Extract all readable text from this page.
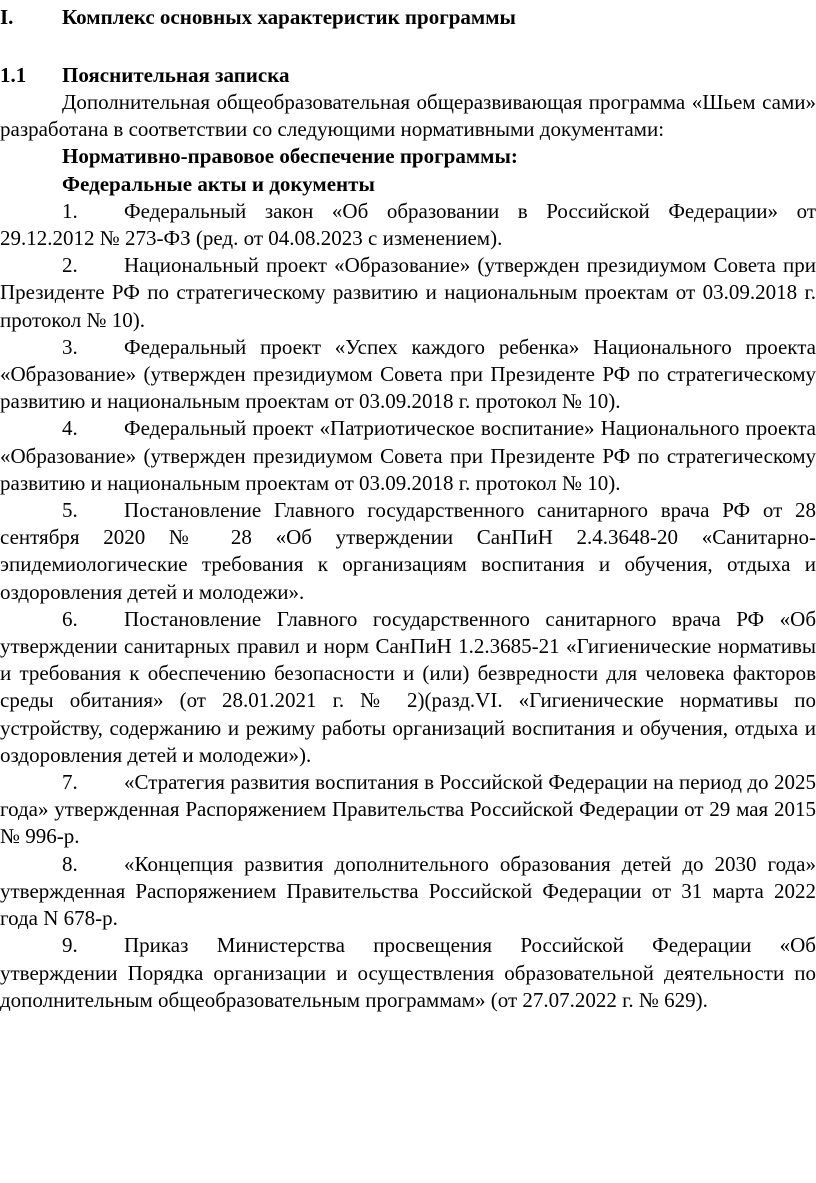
I.	Комплекс основных характеристик программы
1.1	Пояснительная записка

Дополнительная общеобразовательная общеразвивающая программа «Шьем сами» разработана в соответствии со следующими нормативными документами:

Нормативно-правовое обеспечение программы:

Федеральные акты и документы

1. Федеральный закон «Об образовании в Российской Федерации» от 29.12.2012 № 273-ФЗ (ред. от 04.08.2023 с изменением).

2. Национальный проект «Образование» (утвержден президиумом Совета при Президенте РФ по стратегическому развитию и национальным проектам от 03.09.2018 г. протокол № 10).

3. Федеральный проект «Успех каждого ребенка» Национального проекта «Образование» (утвержден президиумом Совета при Президенте РФ по стратегическому развитию и национальным проектам от 03.09.2018 г. протокол № 10).

4. Федеральный проект «Патриотическое воспитание» Национального проекта «Образование» (утвержден президиумом Совета при Президенте РФ по стратегическому развитию и национальным проектам от 03.09.2018 г. протокол № 10).

5. Постановление Главного государственного санитарного врача РФ от 28 сентября 2020 № 28 «Об утверждении СанПиН 2.4.3648-20 «Санитарно-эпидемиологические требования к организациям воспитания и обучения, отдыха и оздоровления детей и молодежи».

6. Постановление Главного государственного санитарного врача РФ «Об утверждении санитарных правил и норм СанПиН 1.2.3685-21 «Гигиенические нормативы и требования к обеспечению безопасности и (или) безвредности для человека факторов среды обитания» (от 28.01.2021 г. № 2)(разд.VI. «Гигиенические нормативы по устройству, содержанию и режиму работы организаций воспитания и обучения, отдыха и оздоровления детей и молодежи»).

7. «Стратегия развития воспитания в Российской Федерации на период до 2025 года» утвержденная Распоряжением Правительства Российской Федерации от 29 мая 2015 № 996-р.

8. «Концепция развития дополнительного образования детей до 2030 года» утвержденная Распоряжением Правительства Российской Федерации от 31 марта 2022 года N 678-р.

9. Приказ Министерства просвещения Российской Федерации «Об утверждении Порядка организации и осуществления образовательной деятельности по дополнительным общеобразовательным программам» (от 27.07.2022 г. № 629).
